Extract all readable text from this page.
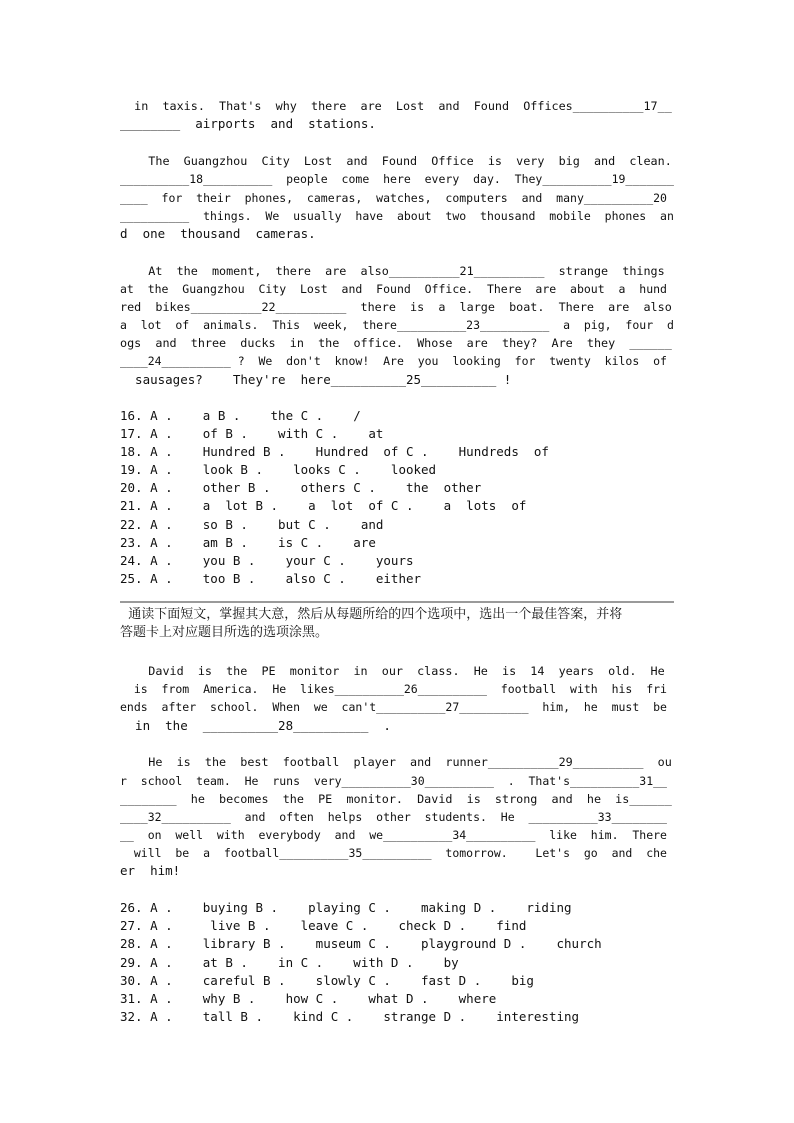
in  taxis.  That's  why  there  are  Lost  and  Found  Offices__________17__
________  airports  and  stations.
The  Guangzhou  City  Lost  and  Found  Office  is  very  big  and  clean.
__________18__________  people  come  here  every  day.  They__________19_______
____  for  their  phones,  cameras,  watches,  computers  and  many__________20
__________  things.  We  usually  have  about  two  thousand  mobile  phones  an
d  one  thousand  cameras.
At  the  moment,  there  are  also__________21__________  strange  things
at  the  Guangzhou  City  Lost  and  Found  Office.  There  are  about  a  hund
red  bikes__________22__________  there  is  a  large  boat.  There  are  also
a  lot  of  animals.  This  week,  there__________23__________  a  pig,  four  d
ogs  and  three  ducks  in  the  office.  Whose  are  they?  Are  they  ______
____24__________ ?  We  don't  know!  Are  you  looking  for  twenty  kilos  of
sausages?    They're  here__________25__________ !
16. A .    a B .    the C .    /
17. A .    of B .    with C .    at
18. A .    Hundred B .    Hundred  of C .    Hundreds  of
19. A .    look B .    looks C .    looked
20. A .    other B .    others C .    the  other
21. A .    a  lot B .    a  lot  of C .    a  lots  of
22. A .    so B .    but C .    and
23. A .    am B .    is C .    are
24. A .    you B .    your C .    yours
25. A .    too B .    also C .    either
通读下面短文，掌握其大意，然后从每题所给的四个选项中，选出一个最佳答案，并将
答题卡上对应题目所选的选项涂黑。
David  is  the  PE  monitor  in  our  class.  He  is  14  years  old.  He
is  from  America.  He  likes__________26__________  football  with  his  fri
ends  after  school.  When  we  can't__________27__________  him,  he  must  be
in  the  __________28__________  .
He  is  the  best  football  player  and  runner__________29__________  ou
r  school  team.  He  runs  very__________30__________  .  That's__________31__
________  he  becomes  the  PE  monitor.  David  is  strong  and  he  is______
____32__________  and  often  helps  other  students.  He  __________33________
__  on  well  with  everybody  and  we__________34__________  like  him.  There
will  be  a  football__________35__________  tomorrow.    Let's  go  and  che
er  him!
26. A .    buying B .    playing C .    making D .    riding
27. A .     live B .    leave C .    check D .    find
28. A .    library B .    museum C .    playground D .    church
29. A .    at B .    in C .    with D .    by
30. A .    careful B .    slowly C .    fast D .    big
31. A .    why B .    how C .    what D .    where
32. A .    tall B .    kind C .    strange D .    interesting
